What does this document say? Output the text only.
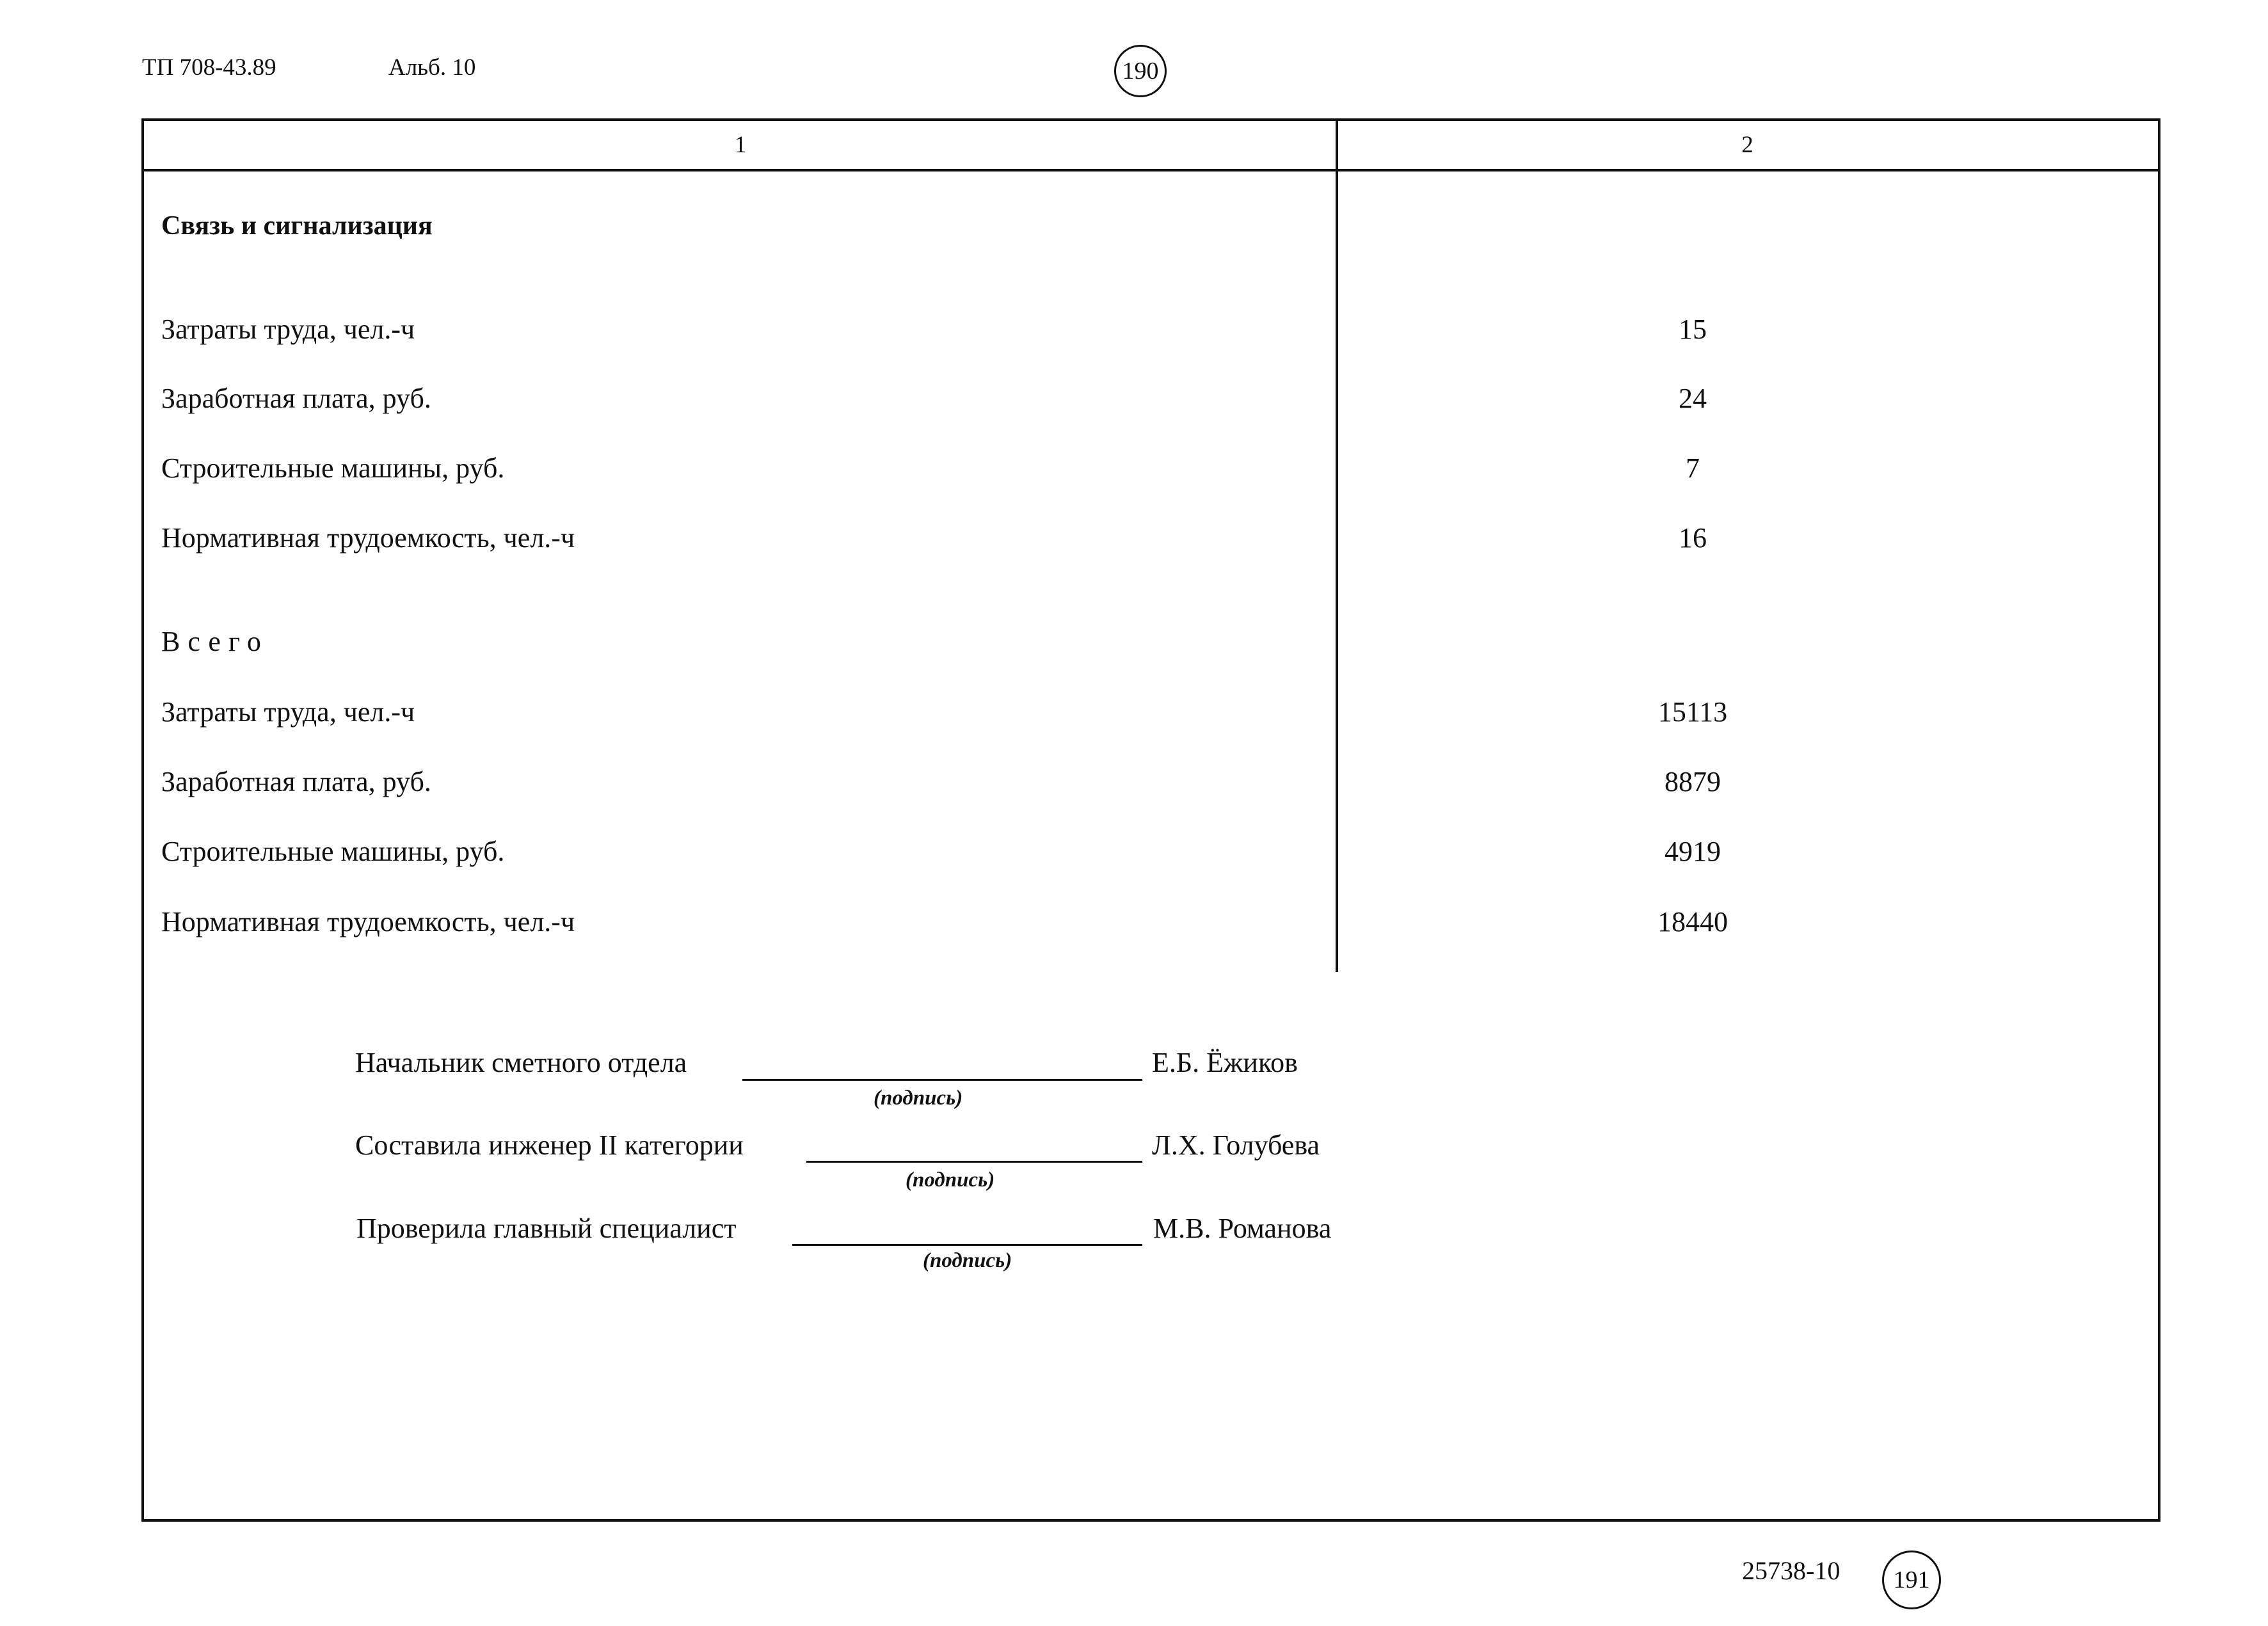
ТП 708-43.89	Альб. 10	190
1	2
Связь и сигнализация
Затраты труда, чел.-ч	15
Заработная плата, руб.	24
Строительные машины, руб.	7
Нормативная трудоемкость, чел.-ч	16
Всего
Затраты труда, чел.-ч	15113
Заработная плата, руб.	8879
Строительные машины, руб.	4919
Нормативная трудоемкость, чел.-ч	18440
Начальник сметного отдела	Е.Б. Ёжиков
(подпись)
Составила инженер II категории	Л.Х. Голубева
(подпись)
Проверила главный специалист	М.В. Романова
(подпись)
25738-10	191
